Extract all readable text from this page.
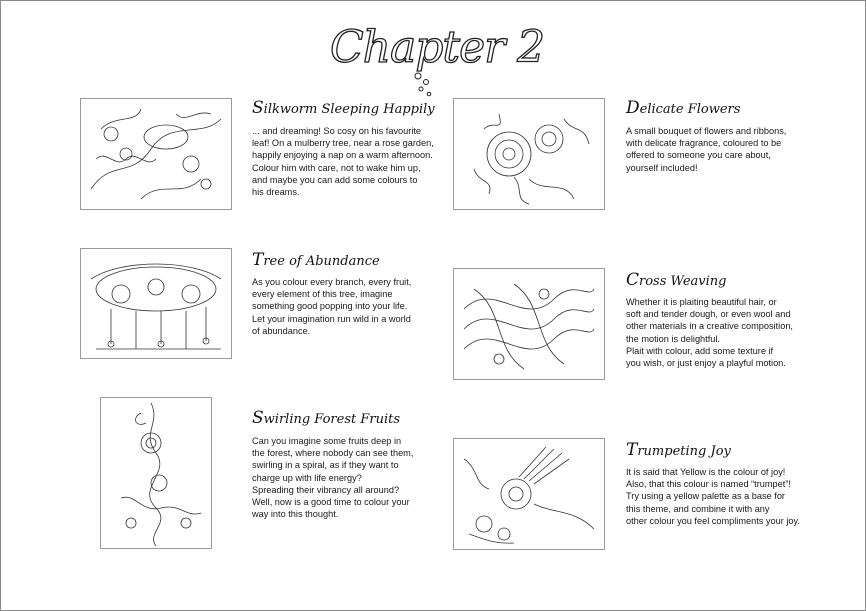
Chapter 2
Silkworm Sleeping Happily

... and dreaming! So cosy on his favourite
leaf! On a mulberry tree, near a rose garden,
happily enjoying a nap on a warm afternoon.
Colour him with care, not to wake him up,
and maybe you can add some colours to
his dreams.

Delicate Flowers

A small bouquet of flowers and ribbons,
with delicate fragrance, coloured to be
offered to someone you care about,
yourself included!

Tree of Abundance

As you colour every branch, every fruit,
every element of this tree, imagine
something good popping into your life.
Let your imagination run wild in a world
of abundance.

Cross Weaving

Whether it is plaiting beautiful hair, or
soft and tender dough, or even wool and
other materials in a creative composition,
the motion is delightful.
Plait with colour, add some texture if
you wish, or just enjoy a playful motion.

Swirling Forest Fruits

Can you imagine some fruits deep in
the forest, where nobody can see them,
swirling in a spiral, as if they want to
charge up with life energy?
Spreading their vibrancy all around?
Well, now is a good time to colour your
way into this thought.

Trumpeting Joy

It is said that Yellow is the colour of joy!
Also, that this colour is named “trumpet”!
Try using a yellow palette as a base for
this theme, and combine it with any
other colour you feel compliments your joy.
